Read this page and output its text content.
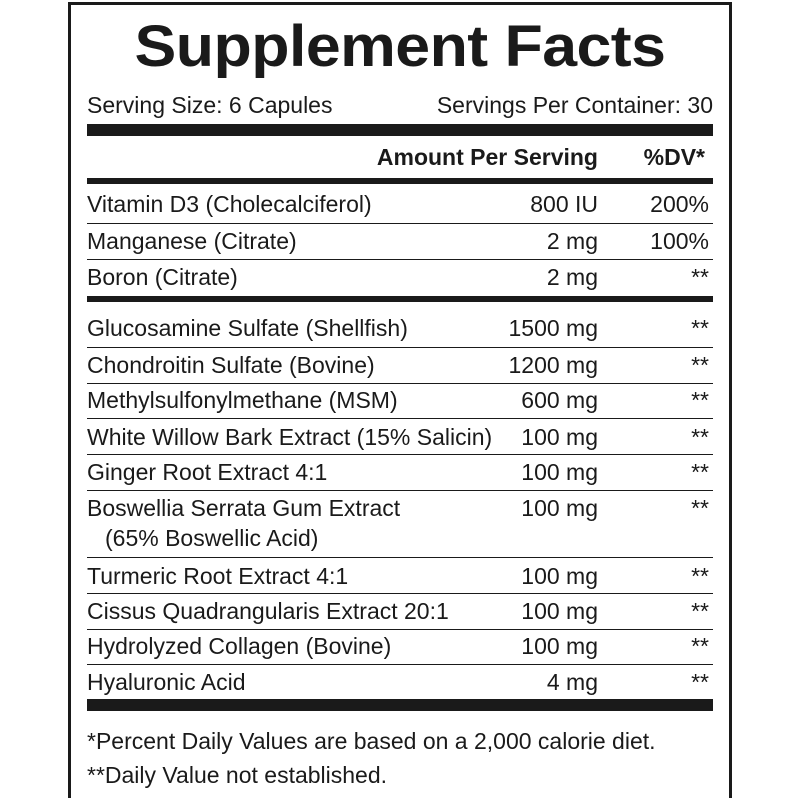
Supplement Facts
Serving Size: 6 Capules	Servings Per Container: 30
Amount Per Serving %DV*
Vitamin D3 (Cholecalciferol)	800 IU 200%
Manganese (Citrate)	2 mg 100%
Boron (Citrate)	2 mg	**
Glucosamine Sulfate (Shellfish)	1500 mg	**
Chondroitin Sulfate (Bovine)	1200 mg	**
Methylsulfonylmethane (MSM)	600 mg	**
White Willow Bark Extract (15% Salicin) 100 mg	**
Ginger Root Extract 4:1	100 mg	**
Boswellia Serrata Gum Extract	100 mg	**
(65% Boswellic Acid)
Turmeric Root Extract 4:1	100 mg	**
Cissus Quadrangularis Extract 20:1	100 mg	**
Hydrolyzed Collagen (Bovine)	100 mg	**
Hyaluronic Acid	4 mg	**
*Percent Daily Values are based on a 2,000 calorie diet.
**Daily Value not established.
